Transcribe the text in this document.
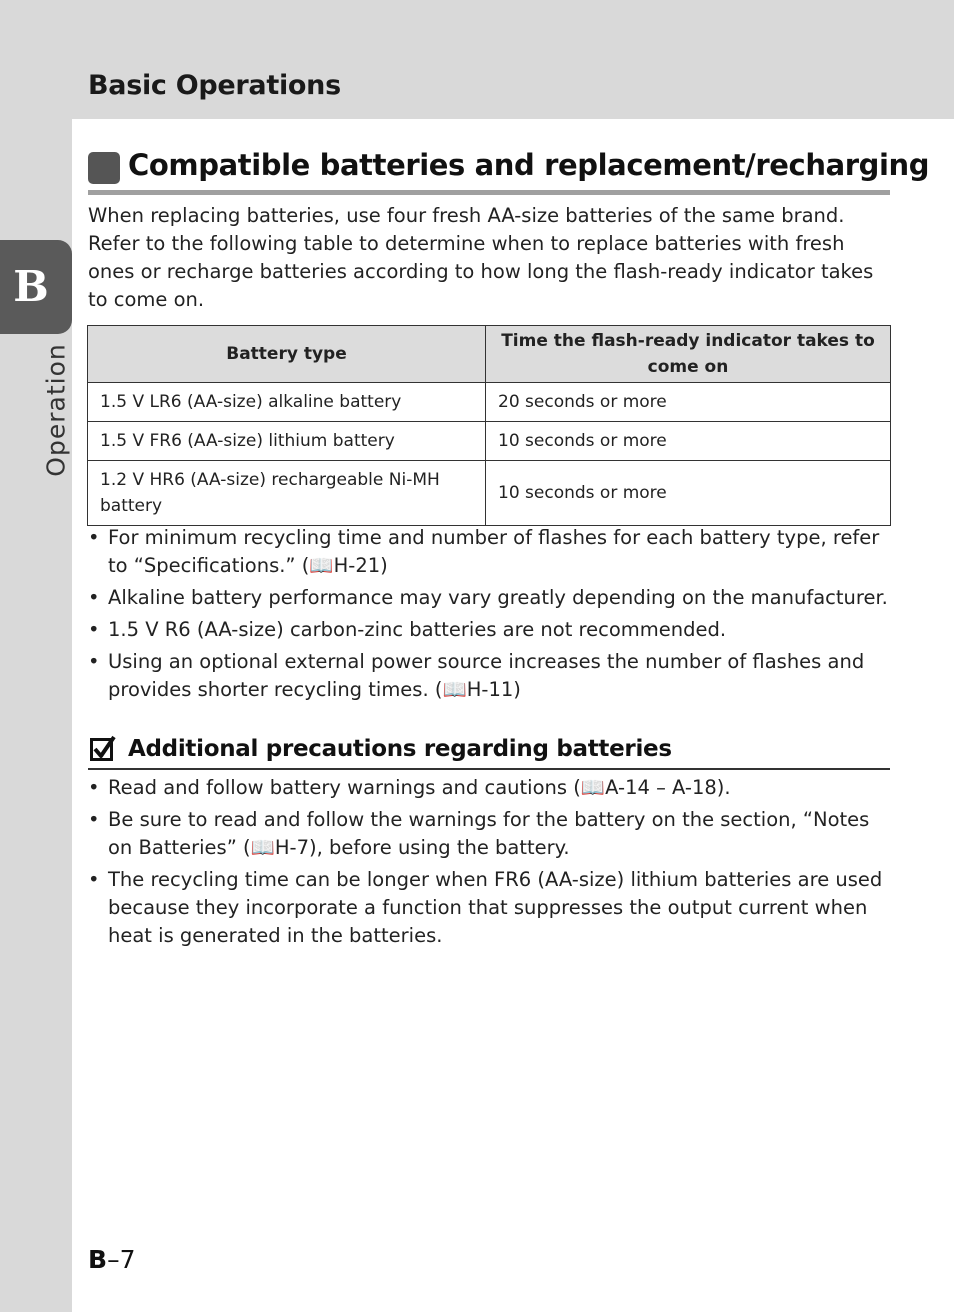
Basic Operations
B
Operation
Compatible batteries and replacement/recharging
When replacing batteries, use four fresh AA-size batteries of the same brand. Refer to the following table to determine when to replace batteries with fresh ones or recharge batteries according to how long the flash-ready indicator takes to come on.
Battery type	Time the flash-ready indicator takes to come on
1.5 V LR6 (AA-size) alkaline battery	20 seconds or more
1.5 V FR6 (AA-size) lithium battery	10 seconds or more
1.2 V HR6 (AA-size) rechargeable Ni-MH battery	10 seconds or more
• For minimum recycling time and number of flashes for each battery type, refer to “Specifications.” (📖H-21)
• Alkaline battery performance may vary greatly depending on the manufacturer.
• 1.5 V R6 (AA-size) carbon-zinc batteries are not recommended.
• Using an optional external power source increases the number of flashes and provides shorter recycling times. (📖H-11)
Additional precautions regarding batteries
• Read and follow battery warnings and cautions (📖A-14 – A-18).
• Be sure to read and follow the warnings for the battery on the section, “Notes on Batteries” (📖H-7), before using the battery.
• The recycling time can be longer when FR6 (AA-size) lithium batteries are used because they incorporate a function that suppresses the output current when heat is generated in the batteries.
B–7
